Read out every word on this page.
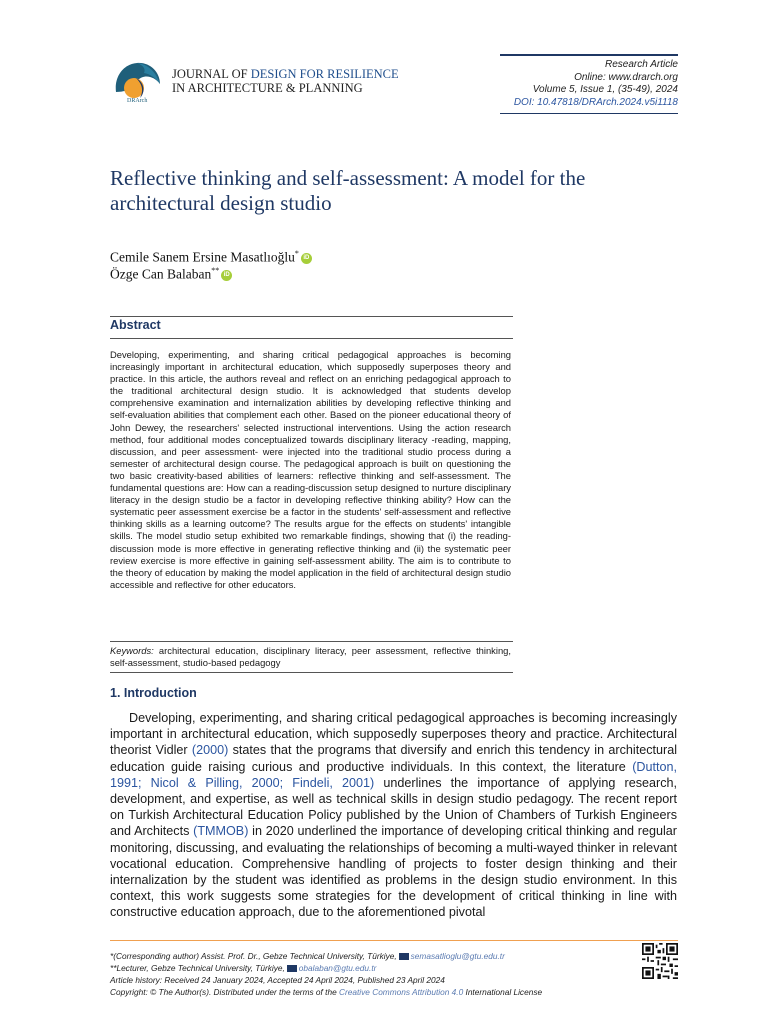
DRArch
JOURNAL OF DESIGN FOR RESILIENCE
IN ARCHITECTURE & PLANNING
Research Article
Online: www.drarch.org
Volume 5, Issue 1, (35-49), 2024
DOI: 10.47818/DRArch.2024.v5i1118
Reflective thinking and self-assessment: A model for the architectural design studio
Cemile Sanem Ersine Masatlıoğlu* iD
Özge Can Balaban** iD
Abstract

Developing, experimenting, and sharing critical pedagogical approaches is becoming increasingly important in architectural education, which supposedly superposes theory and practice. In this article, the authors reveal and reflect on an enriching pedagogical approach to the traditional architectural design studio. It is acknowledged that students develop comprehensive examination and internalization abilities by developing reflective thinking and self-evaluation abilities that complement each other. Based on the pioneer educational theory of John Dewey, the researchers' selected instructional interventions. Using the action research method, four additional modes conceptualized towards disciplinary literacy -reading, mapping, discussion, and peer assessment- were injected into the traditional studio process during a semester of architectural design course. The pedagogical approach is built on questioning the two basic creativity-based abilities of learners: reflective thinking and self-assessment. The fundamental questions are: How can a reading-discussion setup designed to nurture disciplinary literacy in the design studio be a factor in developing reflective thinking ability? How can the systematic peer assessment exercise be a factor in the students' self-assessment and reflective thinking skills as a learning outcome? The results argue for the effects on students' intangible skills. The model studio setup exhibited two remarkable findings, showing that (i) the reading-discussion mode is more effective in generating reflective thinking and (ii) the systematic peer review exercise is more effective in gaining self-assessment ability. The aim is to contribute to the theory of education by making the model application in the field of architectural design studio accessible and reflective for other educators.

Keywords: architectural education, disciplinary literacy, peer assessment, reflective thinking, self-assessment, studio-based pedagogy

1. Introduction

Developing, experimenting, and sharing critical pedagogical approaches is becoming increasingly important in architectural education, which supposedly superposes theory and practice. Architectural theorist Vidler (2000) states that the programs that diversify and enrich this tendency in architectural education guide raising curious and productive individuals. In this context, the literature (Dutton, 1991; Nicol & Pilling, 2000; Findeli, 2001) underlines the importance of applying research, development, and expertise, as well as technical skills in design studio pedagogy. The recent report on Turkish Architectural Education Policy published by the Union of Chambers of Turkish Engineers and Architects (TMMOB) in 2020 underlined the importance of developing critical thinking and regular monitoring, discussing, and evaluating the relationships of becoming a multi-wayed thinker in relevant vocational education. Comprehensive handling of projects to foster design thinking and their internalization by the student was identified as problems in the design studio environment. In this context, this work suggests some strategies for the development of critical thinking in line with constructive education approach, due to the aforementioned pivotal

*(Corresponding author) Assist. Prof. Dr., Gebze Technical University, Türkiye, semasatlioglu@gtu.edu.tr
**Lecturer, Gebze Technical University, Türkiye, obalaban@gtu.edu.tr
Article history: Received 24 January 2024, Accepted 24 April 2024, Published 23 April 2024
Copyright: © The Author(s). Distributed under the terms of the Creative Commons Attribution 4.0 International License
